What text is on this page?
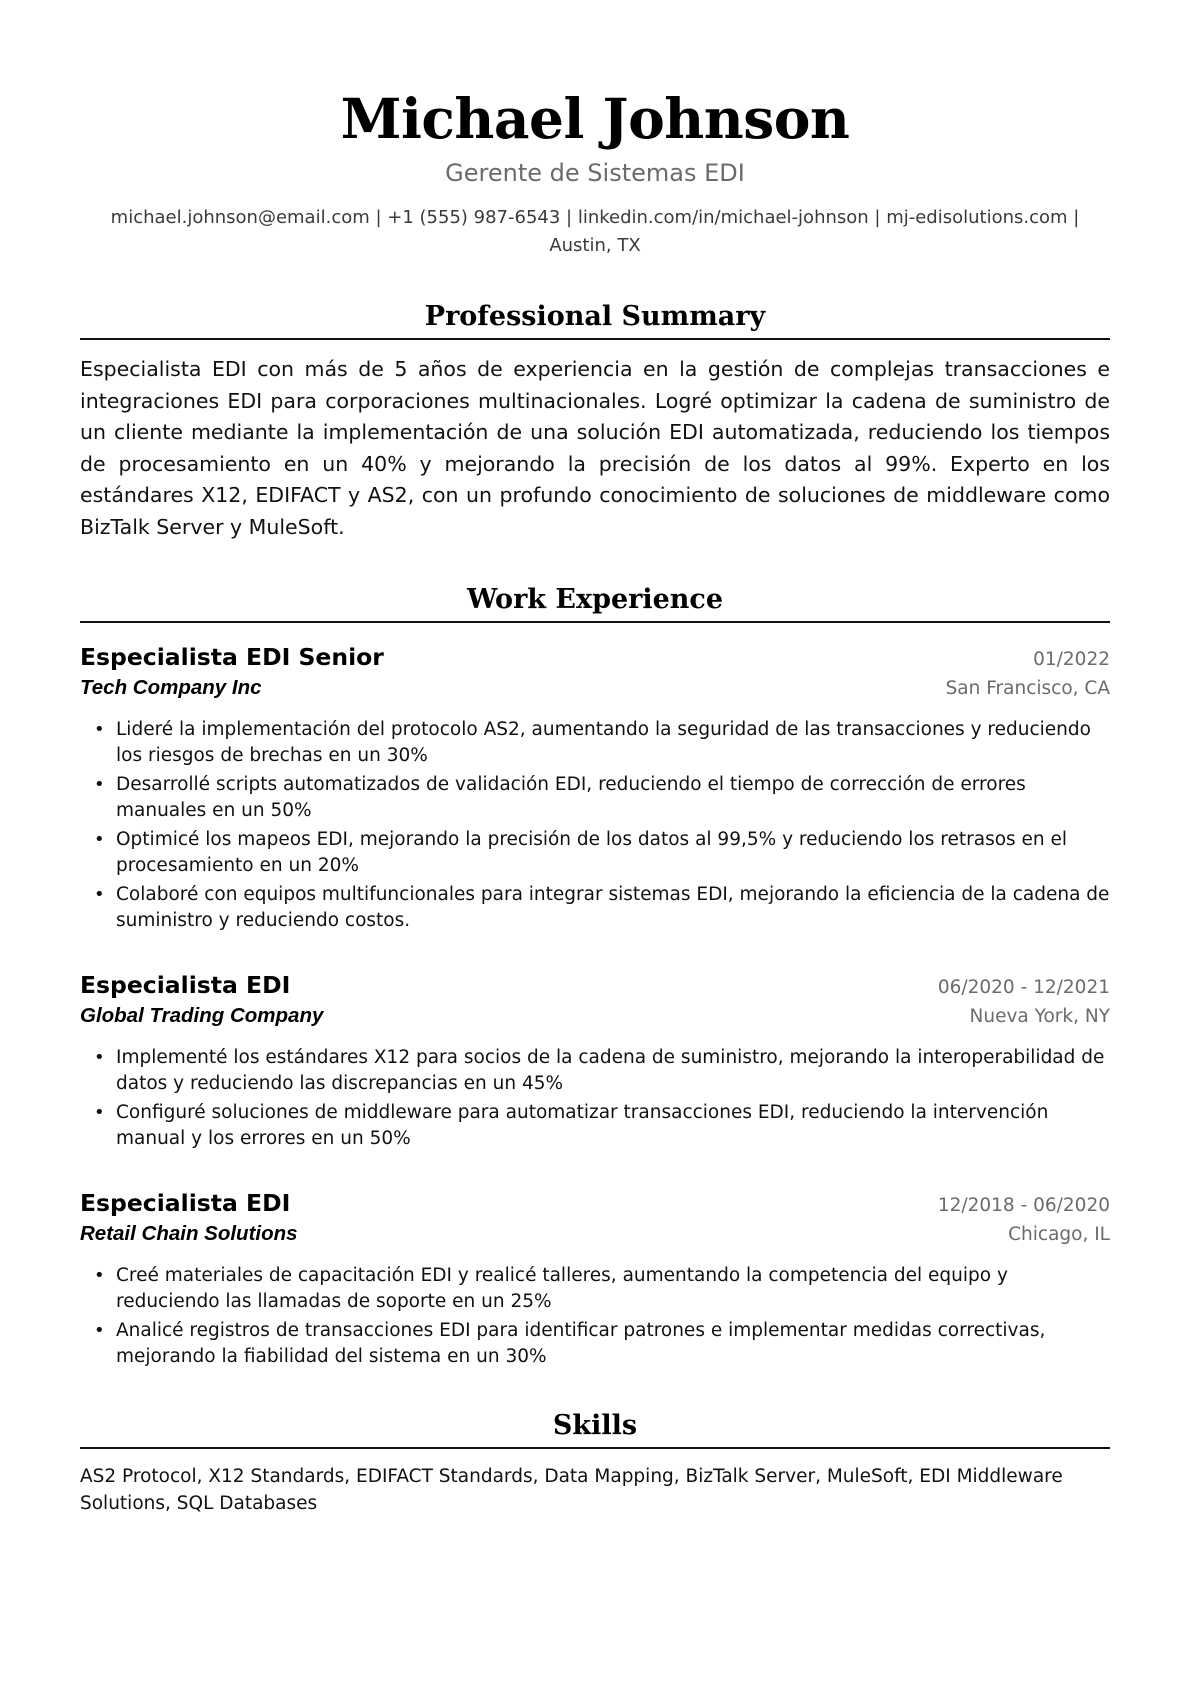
Michael Johnson
Gerente de Sistemas EDI
michael.johnson@email.com | +1 (555) 987-6543 | linkedin.com/in/michael-johnson | mj-edisolutions.com | Austin, TX
Professional Summary
Especialista EDI con más de 5 años de experiencia en la gestión de complejas transacciones e integraciones EDI para corporaciones multinacionales. Logré optimizar la cadena de suministro de un cliente mediante la implementación de una solución EDI automatizada, reduciendo los tiempos de procesamiento en un 40% y mejorando la precisión de los datos al 99%. Experto en los estándares X12, EDIFACT y AS2, con un profundo conocimiento de soluciones de middleware como BizTalk Server y MuleSoft.
Work Experience
Especialista EDI Senior	01/2022
Tech Company Inc	San Francisco, CA
• Lideré la implementación del protocolo AS2, aumentando la seguridad de las transacciones y reduciendo los riesgos de brechas en un 30%
• Desarrollé scripts automatizados de validación EDI, reduciendo el tiempo de corrección de errores manuales en un 50%
• Optimicé los mapeos EDI, mejorando la precisión de los datos al 99,5% y reduciendo los retrasos en el procesamiento en un 20%
• Colaboré con equipos multifuncionales para integrar sistemas EDI, mejorando la eficiencia de la cadena de suministro y reduciendo costos.
Especialista EDI	06/2020 - 12/2021
Global Trading Company	Nueva York, NY
• Implementé los estándares X12 para socios de la cadena de suministro, mejorando la interoperabilidad de datos y reduciendo las discrepancias en un 45%
• Configuré soluciones de middleware para automatizar transacciones EDI, reduciendo la intervención manual y los errores en un 50%
Especialista EDI	12/2018 - 06/2020
Retail Chain Solutions	Chicago, IL
• Creé materiales de capacitación EDI y realicé talleres, aumentando la competencia del equipo y reduciendo las llamadas de soporte en un 25%
• Analicé registros de transacciones EDI para identificar patrones e implementar medidas correctivas, mejorando la fiabilidad del sistema en un 30%
Skills
AS2 Protocol, X12 Standards, EDIFACT Standards, Data Mapping, BizTalk Server, MuleSoft, EDI Middleware Solutions, SQL Databases
